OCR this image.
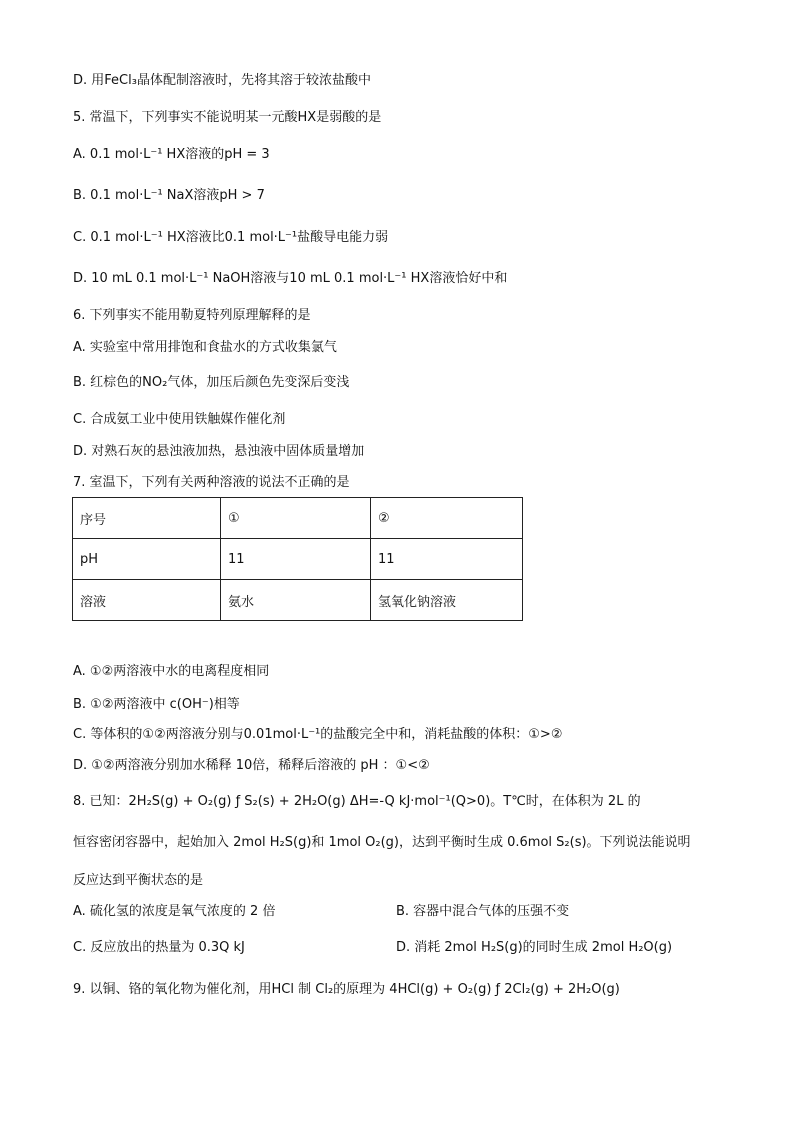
D. 用FeCl₃晶体配制溶液时，先将其溶于较浓盐酸中
5. 常温下，下列事实不能说明某一元酸HX是弱酸的是
A. 0.1 mol·L⁻¹ HX溶液的pH = 3
B. 0.1 mol·L⁻¹ NaX溶液pH > 7
C. 0.1 mol·L⁻¹ HX溶液比0.1 mol·L⁻¹盐酸导电能力弱
D. 10 mL 0.1 mol·L⁻¹ NaOH溶液与10 mL 0.1 mol·L⁻¹ HX溶液恰好中和
6. 下列事实不能用勒夏特列原理解释的是
A. 实验室中常用排饱和食盐水的方式收集氯气
B. 红棕色的NO₂气体，加压后颜色先变深后变浅
C. 合成氨工业中使用铁触媒作催化剂
D. 对熟石灰的悬浊液加热，悬浊液中固体质量增加
7. 室温下，下列有关两种溶液的说法不正确的是
序号	①	②
pH	11	11
溶液	氨水	氢氧化钠溶液
A. ①②两溶液中水的电离程度相同
B. ①②两溶液中 c(OH⁻)相等
C. 等体积的①②两溶液分别与0.01mol·L⁻¹的盐酸完全中和，消耗盐酸的体积：①>②
D. ①②两溶液分别加水稀释 10倍，稀释后溶液的 pH ：①<②
8. 已知：2H₂S(g) + O₂(g) ƒ S₂(s) + 2H₂O(g) ΔH=-Q kJ·mol⁻¹(Q>0)。T℃时，在体积为 2L 的
恒容密闭容器中，起始加入 2mol H₂S(g)和 1mol O₂(g)，达到平衡时生成 0.6mol S₂(s)。下列说法能说明
反应达到平衡状态的是
A. 硫化氢的浓度是氧气浓度的 2 倍	B. 容器中混合气体的压强不变
C. 反应放出的热量为 0.3Q kJ	D. 消耗 2mol H₂S(g)的同时生成 2mol H₂O(g)
9. 以铜、铬的氧化物为催化剂，用HCl 制 Cl₂的原理为 4HCl(g) + O₂(g) ƒ 2Cl₂(g) + 2H₂O(g)
